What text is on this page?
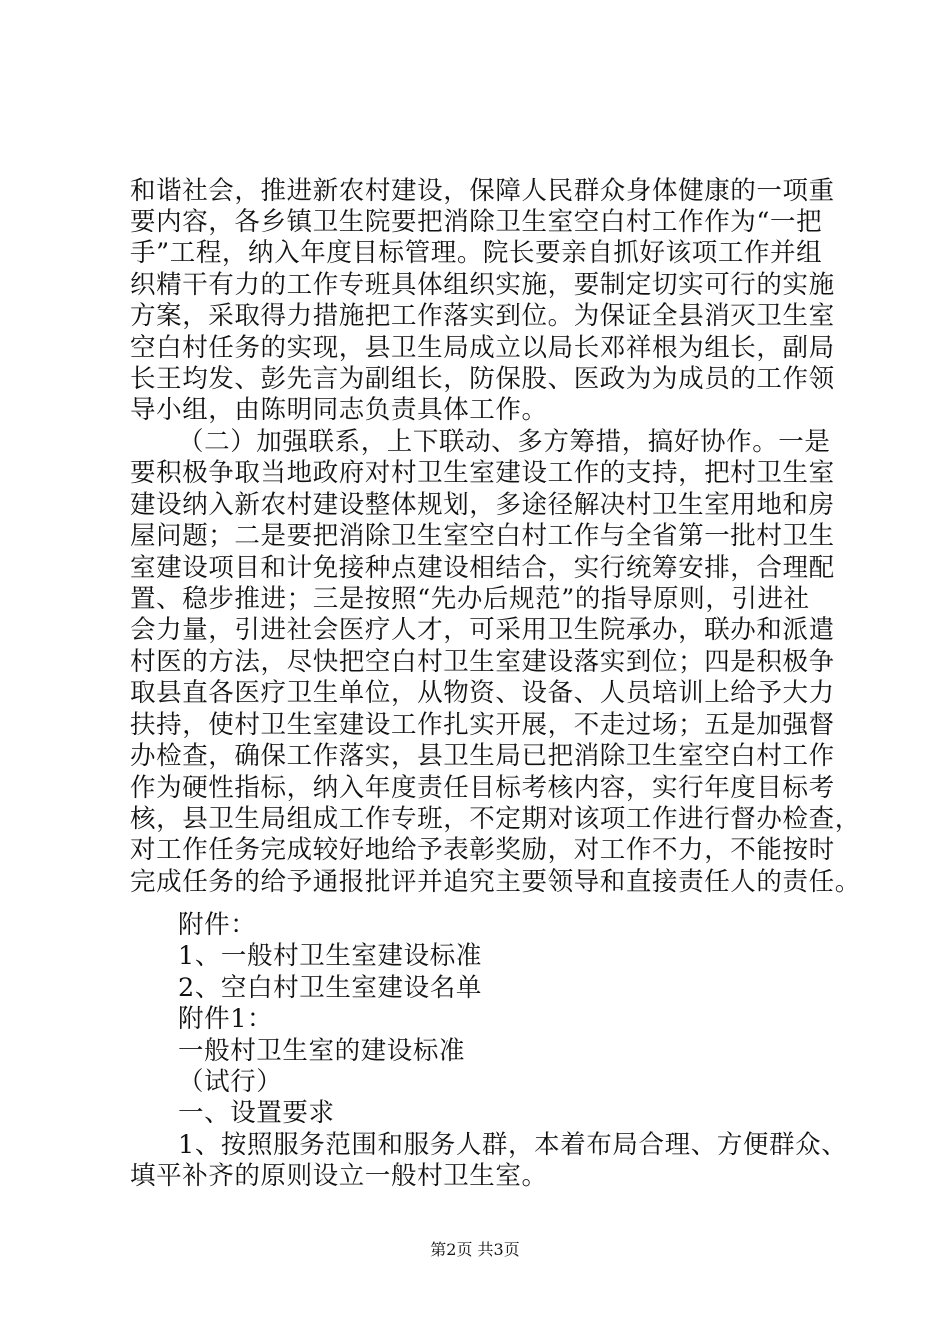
和谐社会，推进新农村建设，保障人民群众身体健康的一项重

要内容，各乡镇卫生院要把消除卫生室空白村工作作为“一把

手”工程，纳入年度目标管理。院长要亲自抓好该项工作并组

织精干有力的工作专班具体组织实施，要制定切实可行的实施

方案，采取得力措施把工作落实到位。为保证全县消灭卫生室

空白村任务的实现，县卫生局成立以局长邓祥根为组长，副局

长王均发、彭先言为副组长，防保股、医政为为成员的工作领

导小组，由陈明同志负责具体工作。

（二）加强联系，上下联动、多方筹措，搞好协作。一是

要积极争取当地政府对村卫生室建设工作的支持，把村卫生室

建设纳入新农村建设整体规划，多途径解决村卫生室用地和房

屋问题；二是要把消除卫生室空白村工作与全省第一批村卫生

室建设项目和计免接种点建设相结合，实行统筹安排，合理配

置、稳步推进；三是按照“先办后规范”的指导原则，引进社

会力量，引进社会医疗人才，可采用卫生院承办，联办和派遣

村医的方法，尽快把空白村卫生室建设落实到位；四是积极争

取县直各医疗卫生单位，从物资、设备、人员培训上给予大力

扶持，使村卫生室建设工作扎实开展，不走过场；五是加强督

办检查，确保工作落实，县卫生局已把消除卫生室空白村工作

作为硬性指标，纳入年度责任目标考核内容，实行年度目标考

核，县卫生局组成工作专班，不定期对该项工作进行督办检查，

对工作任务完成较好地给予表彰奖励，对工作不力，不能按时

完成任务的给予通报批评并追究主要领导和直接责任人的责任。

附件：

1、一般村卫生室建设标准

2、空白村卫生室建设名单

附件1：

一般村卫生室的建设标准

（试行）

一、设置要求

1、按照服务范围和服务人群，本着布局合理、方便群众、

填平补齐的原则设立一般村卫生室。

第2页 共3页
